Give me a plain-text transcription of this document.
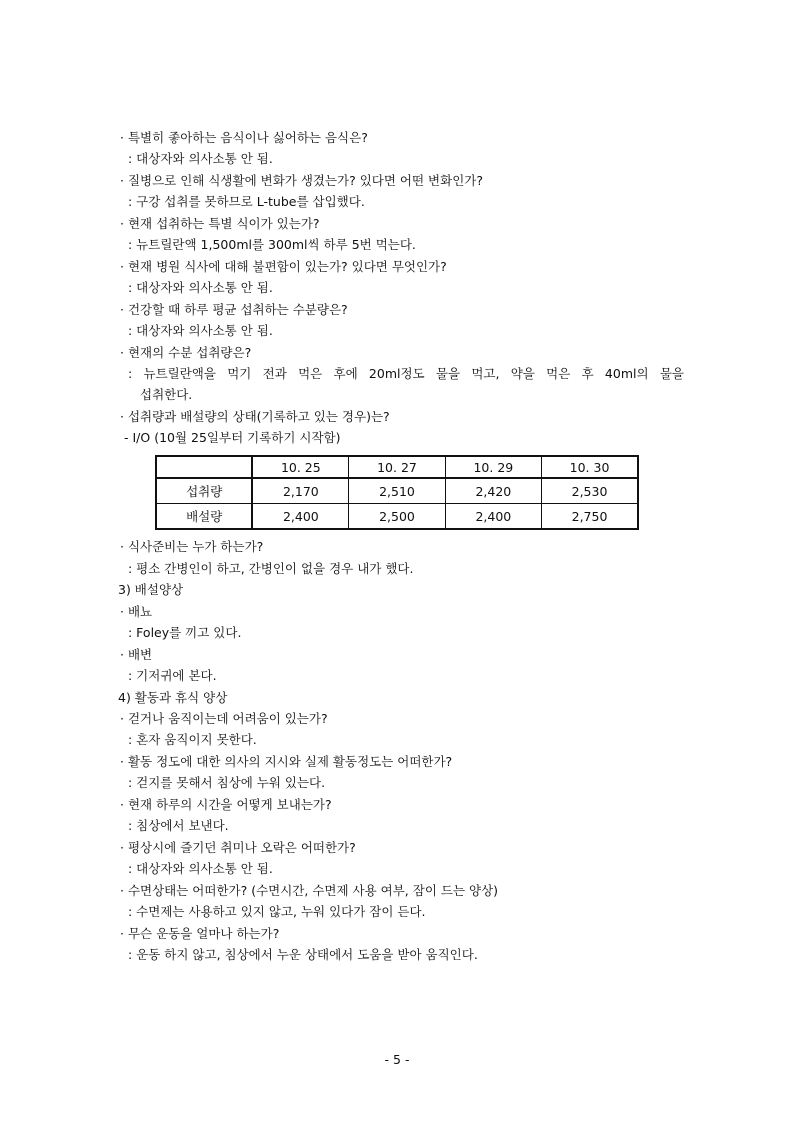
· 특별히 좋아하는 음식이나 싫어하는 음식은?
: 대상자와 의사소통 안 됨.
· 질병으로 인해 식생활에 변화가 생겼는가? 있다면 어떤 변화인가?
: 구강 섭취를 못하므로 L-tube를 삽입했다.
· 현재 섭취하는 특별 식이가 있는가?
: 뉴트릴란액 1,500ml를 300ml씩 하루 5번 먹는다.
· 현재 병원 식사에 대해 불편함이 있는가? 있다면 무엇인가?
: 대상자와 의사소통 안 됨.
· 건강할 때 하루 평균 섭취하는 수분량은?
: 대상자와 의사소통 안 됨.
· 현재의 수분 섭취량은?
: 뉴트릴란액을 먹기 전과 먹은 후에 20ml정도 물을 먹고, 약을 먹은 후 40ml의 물을
섭취한다.
· 섭취량과 배설량의 상태(기록하고 있는 경우)는?
- I/O (10월 25일부터 기록하기 시작함)
	10. 25	10. 27	10. 29	10. 30
섭취량	2,170	2,510	2,420	2,530
배설량	2,400	2,500	2,400	2,750
· 식사준비는 누가 하는가?
: 평소 간병인이 하고, 간병인이 없을 경우 내가 했다.
3) 배설양상
· 배뇨
: Foley를 끼고 있다.
· 배변
: 기저귀에 본다.
4) 활동과 휴식 양상
· 걷거나 움직이는데 어려움이 있는가?
: 혼자 움직이지 못한다.
· 활동 정도에 대한 의사의 지시와 실제 활동정도는 어떠한가?
: 걷지를 못해서 침상에 누워 있는다.
· 현재 하루의 시간을 어떻게 보내는가?
: 침상에서 보낸다.
· 평상시에 즐기던 취미나 오락은 어떠한가?
: 대상자와 의사소통 안 됨.
· 수면상태는 어떠한가? (수면시간, 수면제 사용 여부, 잠이 드는 양상)
: 수면제는 사용하고 있지 않고, 누워 있다가 잠이 든다.
· 무슨 운동을 얼마나 하는가?
: 운동 하지 않고, 침상에서 누운 상태에서 도움을 받아 움직인다.
- 5 -
